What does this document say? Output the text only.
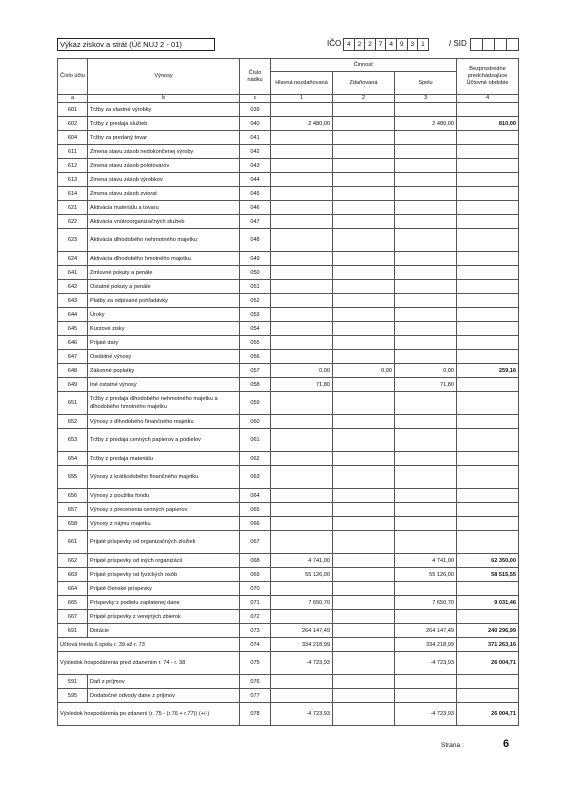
Výkaz ziskov a strát (Úč NUJ 2 - 01)	IČO 4	2	2	7	4	9	3	1	/ SID
Číslo účtu	Výnosy	Číslo riadku	Činnosť			Bezprostredne predchádzajúce Účtovné obdobie
			Hlavná nezdaňovaná	Zdaňovaná	Spolu	
a	b	c	1	2	3	4
601	Tržby za vlastné výrobky	039				
602	Tržby z predaja služieb	040	2 480,00		2 480,00	810,00
604	Tržby za predaný tovar	041				
611	Zmena stavu zásob nedokončenej výroby	042				
612	Zmena stavu zásob polotovarov	043				
613	Zmena stavu zásob výrobkov	044				
614	Zmena stavu zásob zvierat	045				
621	Aktivácia materiálu a tovaru	046				
622	Aktivácia vnútroorganizačných služieb	047				
623	Aktivácia dlhodobého nehmotného majetku	048				
624	Aktivácia dlhodobého hmotného majetku	049				
641	Zmluvné pokuty a penále	050				
642	Ostatné pokuty a penále	051				
643	Platby za odpísané pohľadávky	052				
644	Úroky	053				
645	Kurzové zisky	054				
646	Prijaté dary	055				
647	Osobitné výnosy	056				
648	Zákonné poplatky	057	0,00	0,00	0,00	259,16
649	Iné ostatné výnosy	058	71,80		71,80	
651	Tržby z predaja dlhodobého nehmotného majetku a dlhodobého hmotného majetku	059				
652	Výnosy z dlhodobého finančného majetku	060				
653	Tržby z predaja cenných papierov a podielov	061				
654	Tržby z predaja materiálu	062				
655	Výnosy z krátkodobého finančného majetku	063				
656	Výnosy z použitia fondu	064				
657	Výnosy z precenenia cenných papierov	065				
658	Výnosy z nájmu majetku	066				
661	Prijaté príspevky od organizačných zložiek	067				
662	Prijaté príspevky od iných organizácií	068	4 741,00		4 741,00	62 350,00
663	Prijaté príspevky od fyzických osôb	069	55 126,00		55 126,00	58 515,55
664	Prijaté členské príspevky	070				
665	Príspevky z podielu zaplatenej dane	071	7 650,70		7 650,70	9 031,46
667	Prijaté príspevky z verejných zbierok	072				
691	Dotácie	073	264 147,49		264 147,49	240 296,99
Účtová trieda 6 spolu r. 39 až r. 73		074	334 218,99		334 218,99	371 263,16
Výsledok hospodárenia pred zdanením r. 74 - r. 38		075	-4 723,93		-4 723,93	26 004,71
591	Daň z príjmov	076				
595	Dodatočné odvody dane z príjmov	077				
Výsledok hospodárenia po zdanení (r. 75 - (r.76 + r.77)) (+/-)		078	-4 723,93		-4 723,93	26 004,71
Strana :	6
